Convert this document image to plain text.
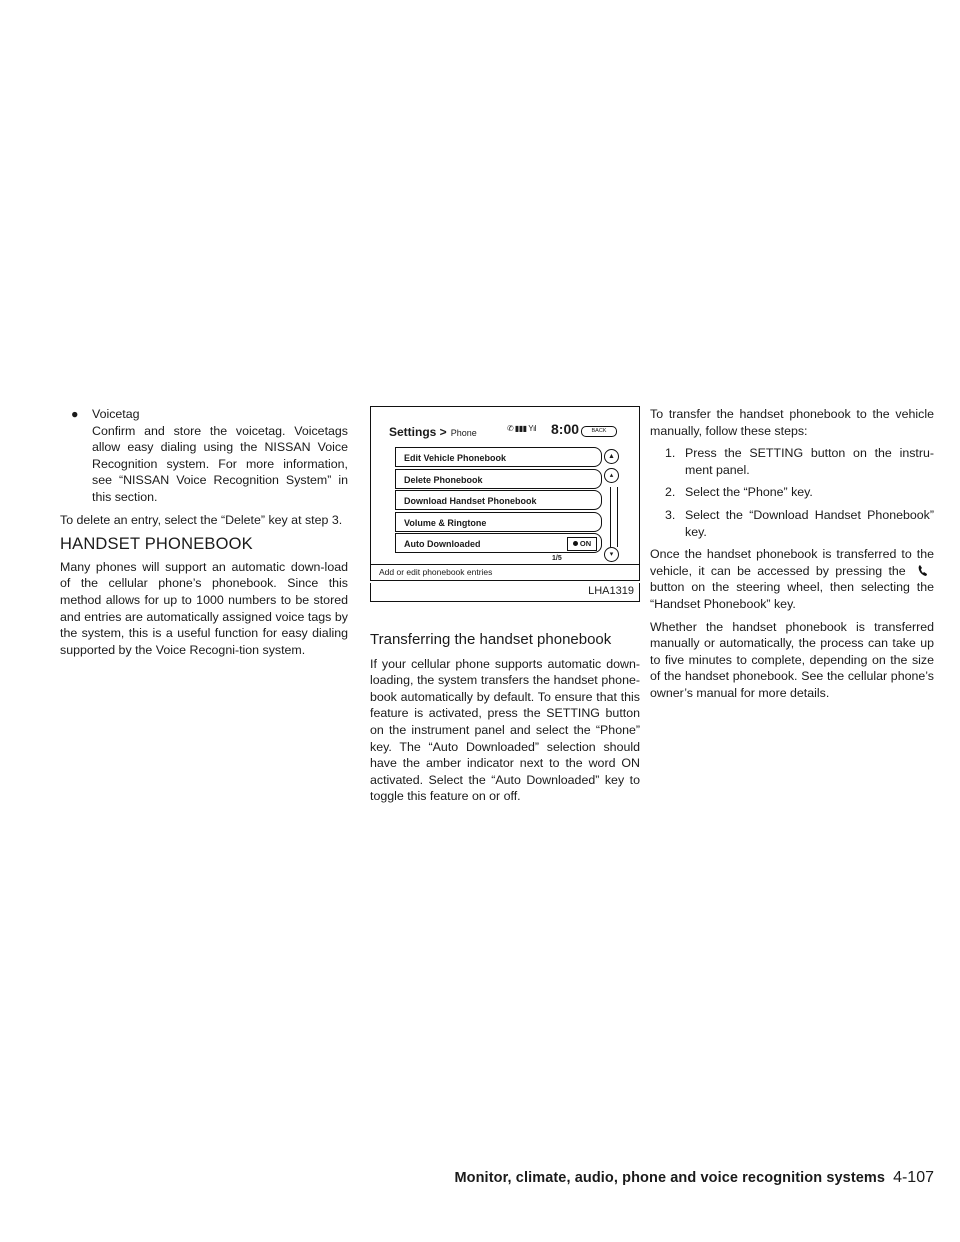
● Voicetag
Confirm and store the voicetag. Voicetags allow easy dialing using the NISSAN Voice Recognition system. For more information, see “NISSAN Voice Recognition System” in this section.

To delete an entry, select the “Delete” key at step 3.

HANDSET PHONEBOOK

Many phones will support an automatic down-load of the cellular phone’s phonebook. Since this method allows for up to 1000 numbers to be stored and entries are automatically assigned voice tags by the system, this is a useful function for easy dialing supported by the Voice Recogni-tion system.

Settings > Phone	✆ ▮▮▮ Yıl 8:00	BACK
Edit Vehicle Phonebook
Delete Phonebook
Download Handset Phonebook
Volume & Ringtone
Auto Downloaded	ON
▲
▴
▾
1/5
Add or edit phonebook entries
LHA1319
Transferring the handset phonebook

If your cellular phone supports automatic down-loading, the system transfers the handset phone-book automatically by default. To ensure that this feature is activated, press the SETTING button on the instrument panel and select the “Phone” key. The “Auto Downloaded” selection should have the amber indicator next to the word ON activated. Select the “Auto Downloaded” key to toggle this feature on or off.

To transfer the handset phonebook to the vehicle manually, follow these steps:

1. Press the SETTING button on the instru-ment panel.
2. Select the “Phone” key.
3. Select the “Download Handset Phonebook” key.

Once the handset phonebook is transferred to the vehicle, it can be accessed by pressing the  button on the steering wheel, then selecting the “Handset Phonebook” key.

Whether the handset phonebook is transferred manually or automatically, the process can take up to five minutes to complete, depending on the size of the handset phonebook. See the cellular phone’s owner’s manual for more details.

Monitor, climate, audio, phone and voice recognition systems 4-107
